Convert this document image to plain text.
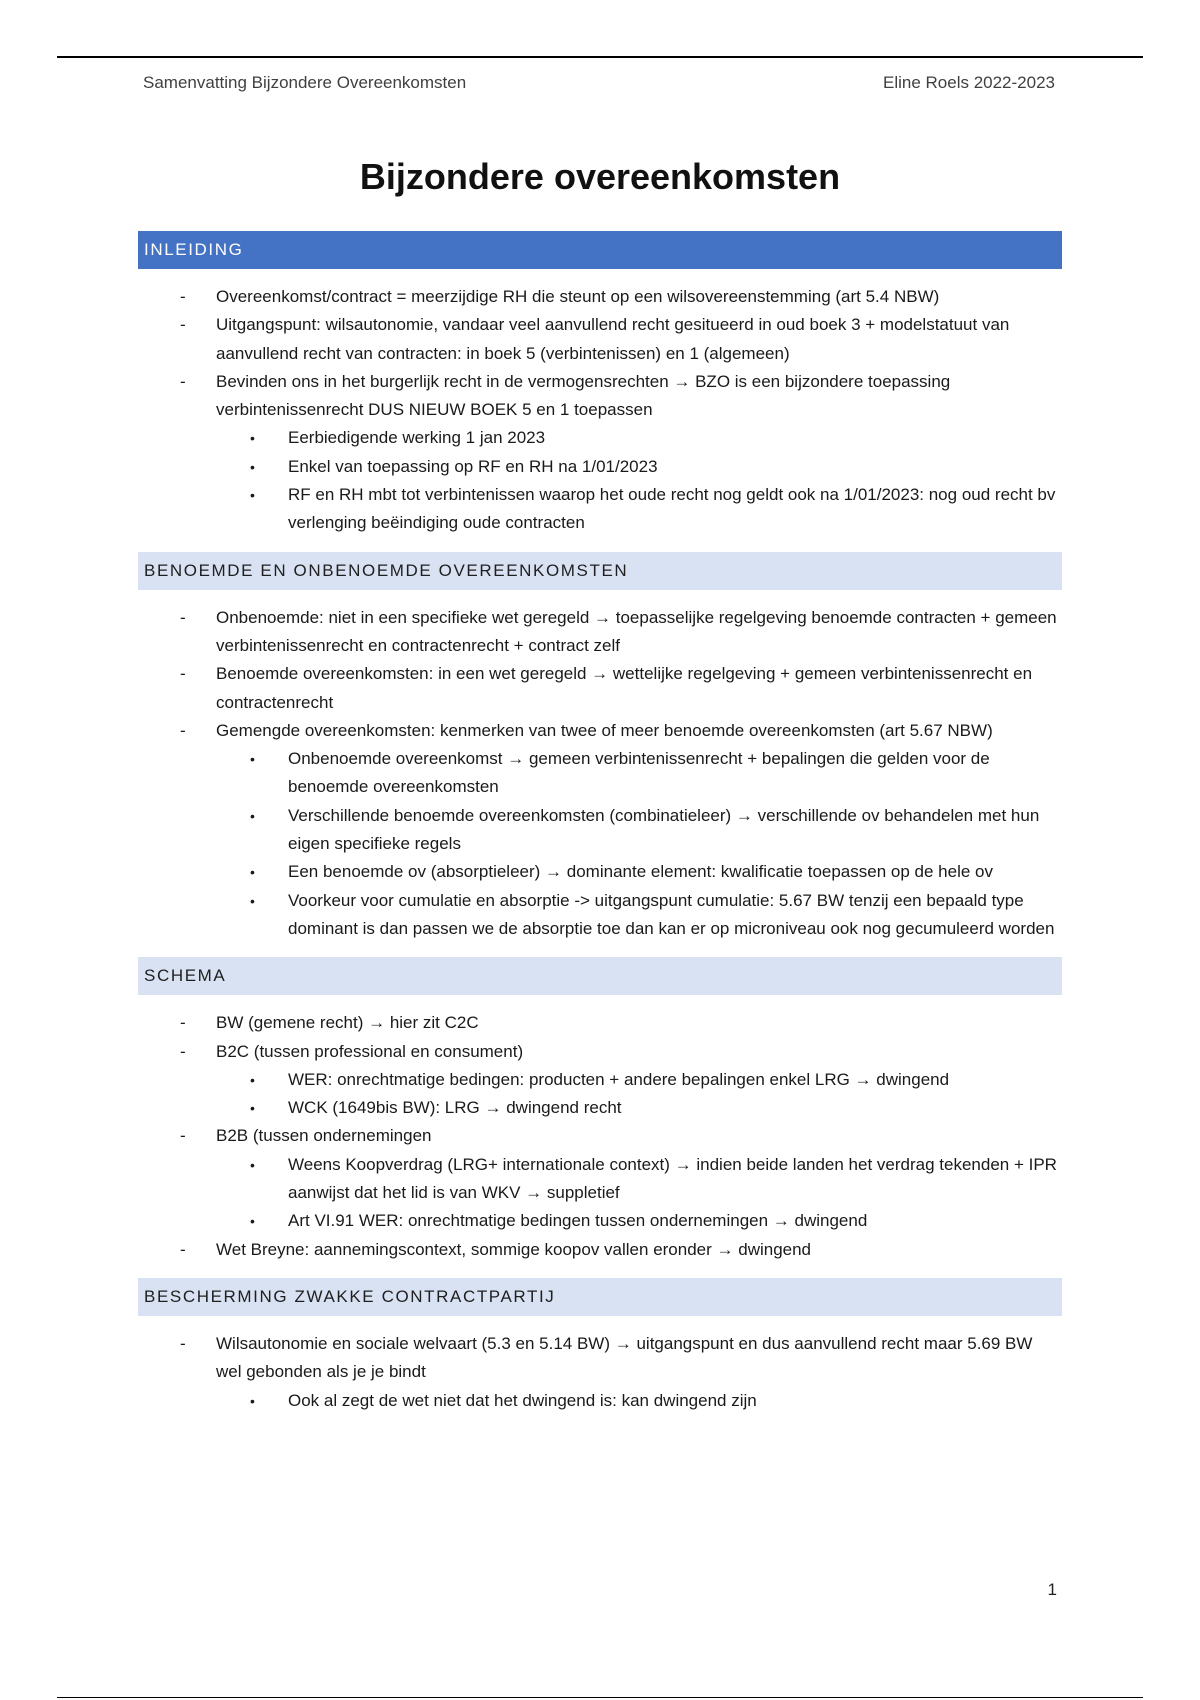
Samenvatting Bijzondere Overeenkomsten	Eline Roels 2022-2023
Bijzondere overeenkomsten
INLEIDING
- Overeenkomst/contract = meerzijdige RH die steunt op een wilsovereenstemming (art 5.4 NBW)
- Uitgangspunt: wilsautonomie, vandaar veel aanvullend recht gesitueerd in oud boek 3 + modelstatuut van aanvullend recht van contracten: in boek 5 (verbintenissen) en 1 (algemeen)
- Bevinden ons in het burgerlijk recht in de vermogensrechten → BZO is een bijzondere toepassing verbintenissenrecht DUS NIEUW BOEK 5 en 1 toepassen
• Eerbiedigende werking 1 jan 2023
• Enkel van toepassing op RF en RH na 1/01/2023
• RF en RH mbt tot verbintenissen waarop het oude recht nog geldt ook na 1/01/2023: nog oud recht bv verlenging beëindiging oude contracten
BENOEMDE EN ONBENOEMDE OVEREENKOMSTEN
- Onbenoemde: niet in een specifieke wet geregeld → toepasselijke regelgeving benoemde contracten + gemeen verbintenissenrecht en contractenrecht + contract zelf
- Benoemde overeenkomsten: in een wet geregeld → wettelijke regelgeving + gemeen verbintenissenrecht en contractenrecht
- Gemengde overeenkomsten: kenmerken van twee of meer benoemde overeenkomsten (art 5.67 NBW)
• Onbenoemde overeenkomst → gemeen verbintenissenrecht + bepalingen die gelden voor de benoemde overeenkomsten
• Verschillende benoemde overeenkomsten (combinatieleer) → verschillende ov behandelen met hun eigen specifieke regels
• Een benoemde ov (absorptieleer) → dominante element: kwalificatie toepassen op de hele ov
• Voorkeur voor cumulatie en absorptie -> uitgangspunt cumulatie: 5.67 BW tenzij een bepaald type dominant is dan passen we de absorptie toe dan kan er op microniveau ook nog gecumuleerd worden
SCHEMA
- BW (gemene recht) → hier zit C2C
- B2C (tussen professional en consument)
• WER: onrechtmatige bedingen: producten + andere bepalingen enkel LRG → dwingend
• WCK (1649bis BW): LRG → dwingend recht
- B2B (tussen ondernemingen
• Weens Koopverdrag (LRG+ internationale context) → indien beide landen het verdrag tekenden + IPR aanwijst dat het lid is van WKV → suppletief
• Art VI.91 WER: onrechtmatige bedingen tussen ondernemingen → dwingend
- Wet Breyne: aannemingscontext, sommige koopov vallen eronder → dwingend
BESCHERMING ZWAKKE CONTRACTPARTIJ
- Wilsautonomie en sociale welvaart (5.3 en 5.14 BW) → uitgangspunt en dus aanvullend recht maar 5.69 BW wel gebonden als je je bindt
• Ook al zegt de wet niet dat het dwingend is: kan dwingend zijn
1
